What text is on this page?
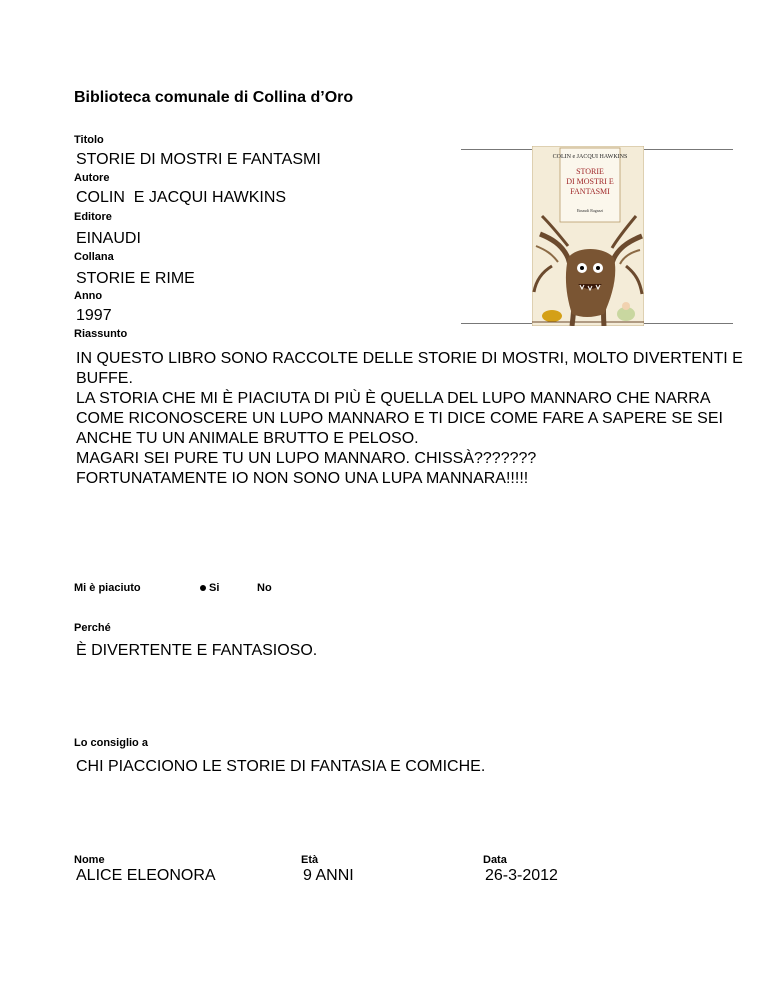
Biblioteca comunale di Collina d’Oro
Titolo
STORIE DI MOSTRI E FANTASMI
Autore
COLIN  E JACQUI HAWKINS
Editore
EINAUDI
Collana
STORIE E RIME
Anno
1997
Riassunto

IN QUESTO LIBRO SONO RACCOLTE DELLE STORIE DI MOSTRI, MOLTO DIVERTENTI E BUFFE.

LA STORIA CHE MI È PIACIUTA DI PIÙ È QUELLA DEL LUPO MANNARO CHE NARRA COME RICONOSCERE UN LUPO MANNARO E TI DICE COME FARE A SAPERE SE SEI ANCHE TU UN ANIMALE BRUTTO E PELOSO.

MAGARI SEI PURE TU UN LUPO MANNARO. CHISSÀ???????

FORTUNATAMENTE IO NON SONO UNA LUPA MANNARA!!!!!

COLIN e JACQUI HAWKINS
STORIE
DI MOSTRI E
FANTASMI
Einaudi Ragazzi
Mi è piaciuto	Si	No
Perché
È DIVERTENTE E FANTASIOSO.
Lo consiglio a
CHI PIACCIONO LE STORIE DI FANTASIA E COMICHE.
Nome
ALICE ELEONORA
Età
9 ANNI
Data
26-3-2012
